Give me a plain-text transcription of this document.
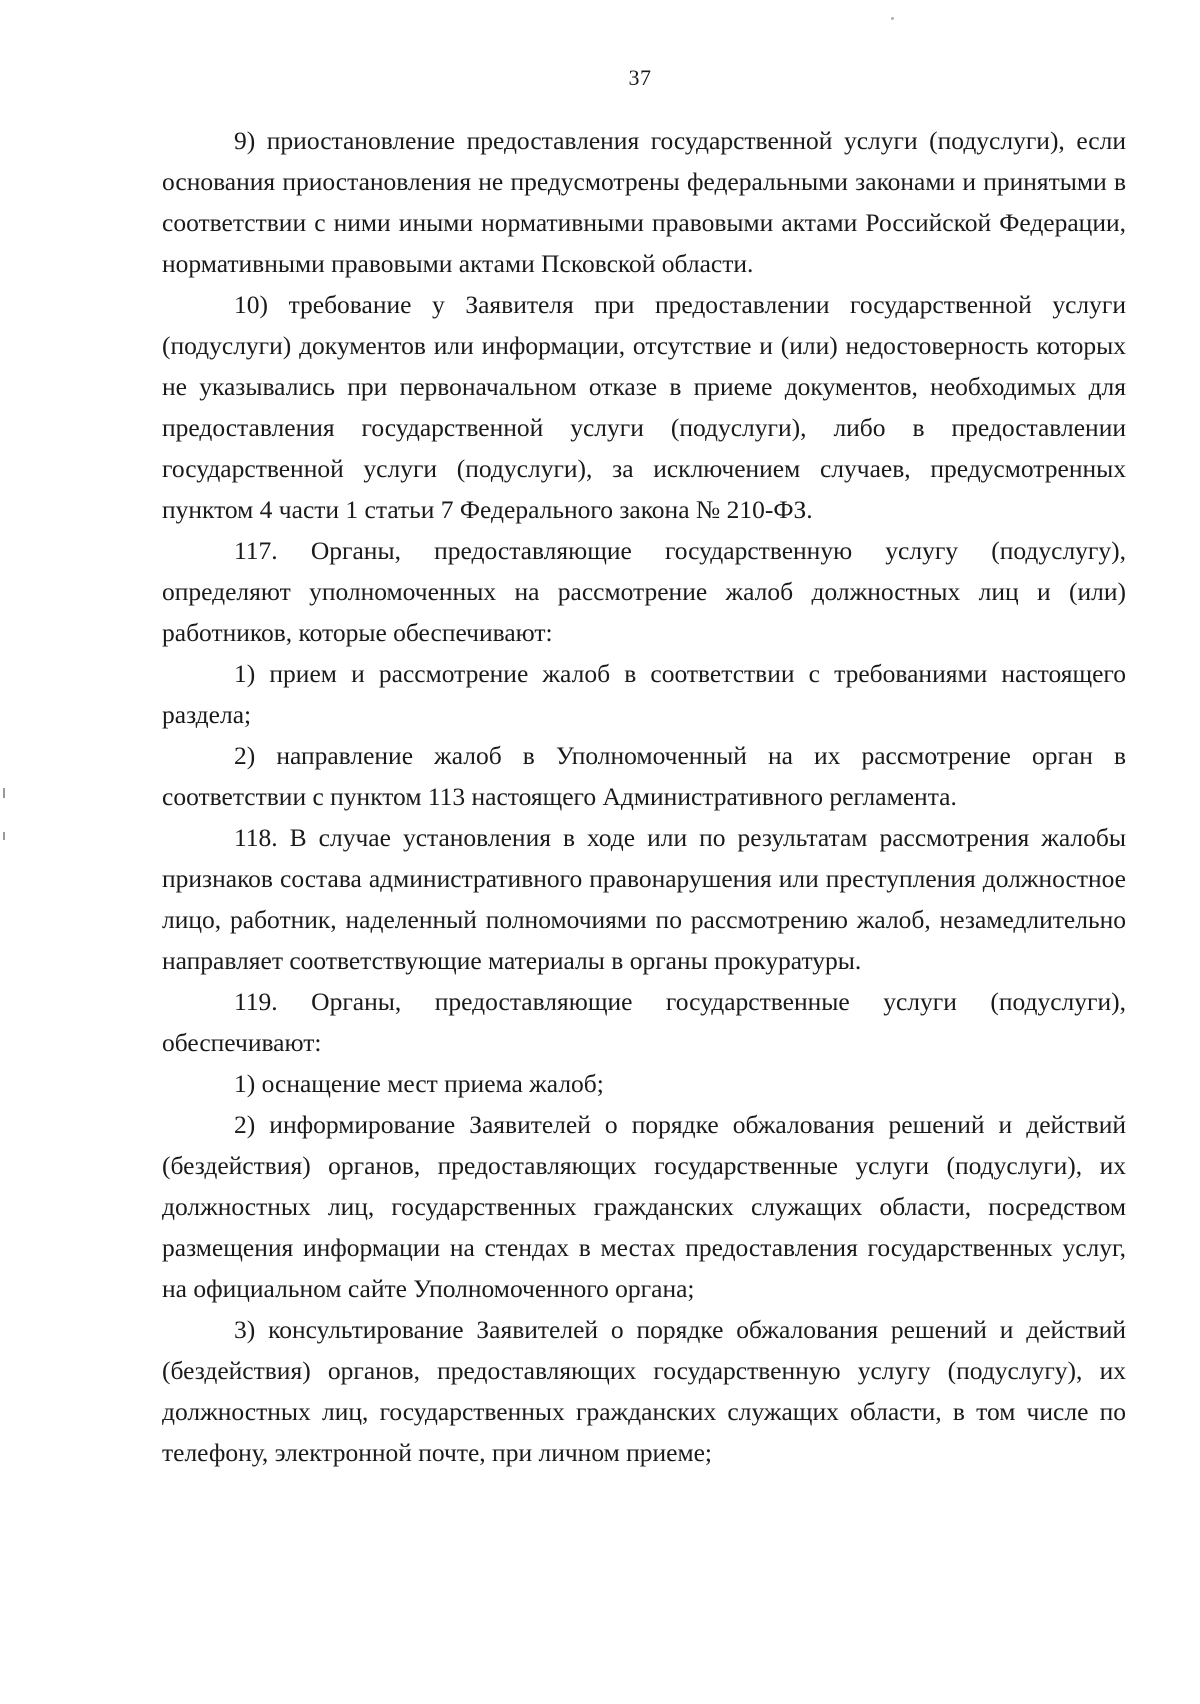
37

9) приостановление предоставления государственной услуги (подуслуги), если основания приостановления не предусмотрены федеральными законами и принятыми в соответствии с ними иными нормативными правовыми актами Российской Федерации, нормативными правовыми актами Псковской области.

10) требование у Заявителя при предоставлении государственной услуги (подуслуги) документов или информации, отсутствие и (или) недостоверность которых не указывались при первоначальном отказе в приеме документов, необходимых для предоставления государственной услуги (подуслуги), либо в предоставлении государственной услуги (подуслуги), за исключением случаев, предусмотренных пунктом 4 части 1 статьи 7 Федерального закона № 210-ФЗ.

117. Органы, предоставляющие государственную услугу (подуслугу), определяют уполномоченных на рассмотрение жалоб должностных лиц и (или) работников, которые обеспечивают:

1) прием и рассмотрение жалоб в соответствии с требованиями настоящего раздела;

2) направление жалоб в Уполномоченный на их рассмотрение орган в соответствии с пунктом 113 настоящего Административного регламента.

118. В случае установления в ходе или по результатам рассмотрения жалобы признаков состава административного правонарушения или преступления должностное лицо, работник, наделенный полномочиями по рассмотрению жалоб, незамедлительно направляет соответствующие материалы в органы прокуратуры.

119. Органы, предоставляющие государственные услуги (подуслуги), обеспечивают:

1) оснащение мест приема жалоб;

2) информирование Заявителей о порядке обжалования решений и действий (бездействия) органов, предоставляющих государственные услуги (подуслуги), их должностных лиц, государственных гражданских служащих области, посредством размещения информации на стендах в местах предоставления государственных услуг, на официальном сайте Уполномоченного органа;

3) консультирование Заявителей о порядке обжалования решений и действий (бездействия) органов, предоставляющих государственную услугу (подуслугу), их должностных лиц, государственных гражданских служащих области, в том числе по телефону, электронной почте, при личном приеме;
